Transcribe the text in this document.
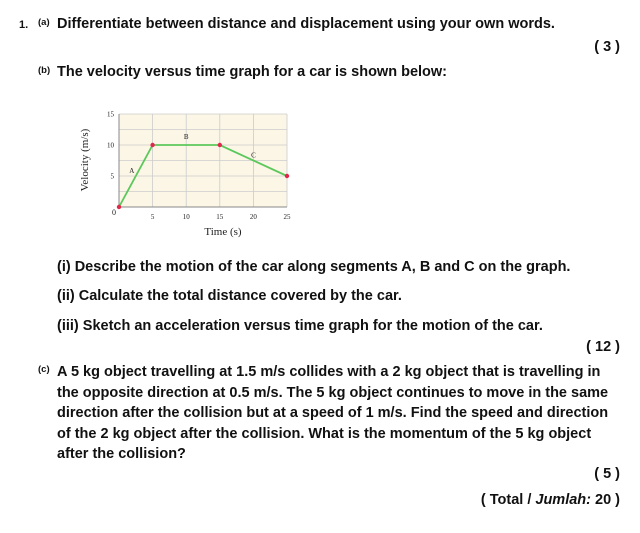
1. (a) Differentiate between distance and displacement using your own words.
( 3 )
(b) The velocity versus time graph for a car is shown below:
5	10	15	20	25
5
10
15
0
A
B
C
Velocity (m/s)
Time (s)
(i) Describe the motion of the car along segments A, B and C on the graph.
(ii) Calculate the total distance covered by the car.
(iii) Sketch an acceleration versus time graph for the motion of the car.
( 12 )
(c) A 5 kg object travelling at 1.5 m/s collides with a 2 kg object that is travelling in the opposite direction at 0.5 m/s. The 5 kg object continues to move in the same direction after the collision but at a speed of 1 m/s. Find the speed and direction of the 2 kg object after the collision. What is the momentum of the 5 kg object after the collision?
( 5 )
( Total / Jumlah: 20 )
